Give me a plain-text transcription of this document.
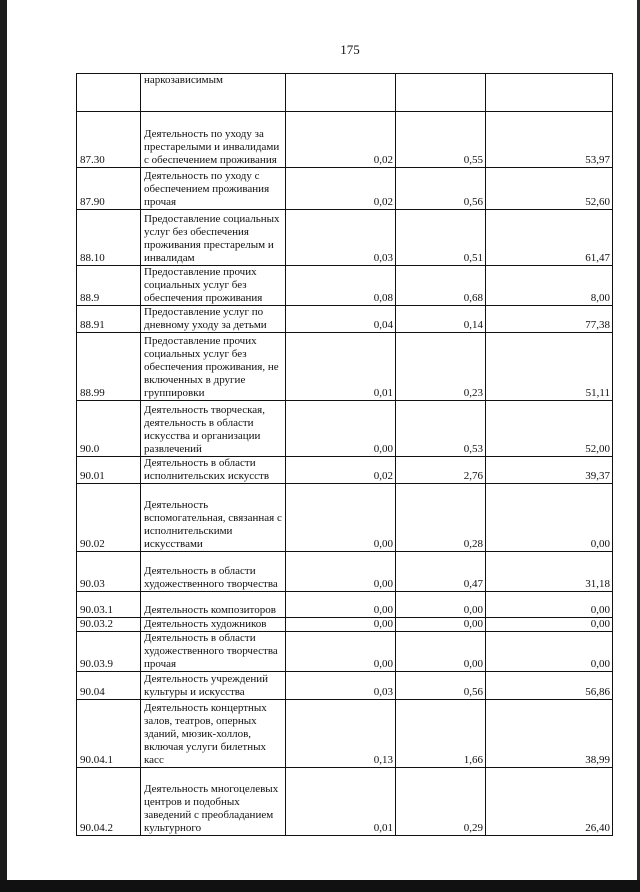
175
	наркозависимым			
87.30	Деятельность по уходу за престарелыми и инвалидами с обеспечением проживания	0,02	0,55	53,97
87.90	Деятельность по уходу с обеспечением проживания прочая	0,02	0,56	52,60
88.10	Предоставление социальных услуг без обеспечения проживания престарелым и инвалидам	0,03	0,51	61,47
88.9	Предоставление прочих социальных услуг без обеспечения проживания	0,08	0,68	8,00
88.91	Предоставление услуг по дневному уходу за детьми	0,04	0,14	77,38
88.99	Предоставление прочих социальных услуг без обеспечения проживания, не включенных в другие группировки	0,01	0,23	51,11
90.0	Деятельность творческая, деятельность в области искусства и организации развлечений	0,00	0,53	52,00
90.01	Деятельность в области исполнительских искусств	0,02	2,76	39,37
90.02	Деятельность вспомогательная, связанная с исполнительскими искусствами	0,00	0,28	0,00
90.03	Деятельность в области художественного творчества	0,00	0,47	31,18
90.03.1	Деятельность композиторов	0,00	0,00	0,00
90.03.2	Деятельность художников	0,00	0,00	0,00
90.03.9	Деятельность в области художественного творчества прочая	0,00	0,00	0,00
90.04	Деятельность учреждений культуры и искусства	0,03	0,56	56,86
90.04.1	Деятельность концертных залов, театров, оперных зданий, мюзик-холлов, включая услуги билетных касс	0,13	1,66	38,99
90.04.2	Деятельность многоцелевых центров и подобных заведений с преобладанием культурного	0,01	0,29	26,40
